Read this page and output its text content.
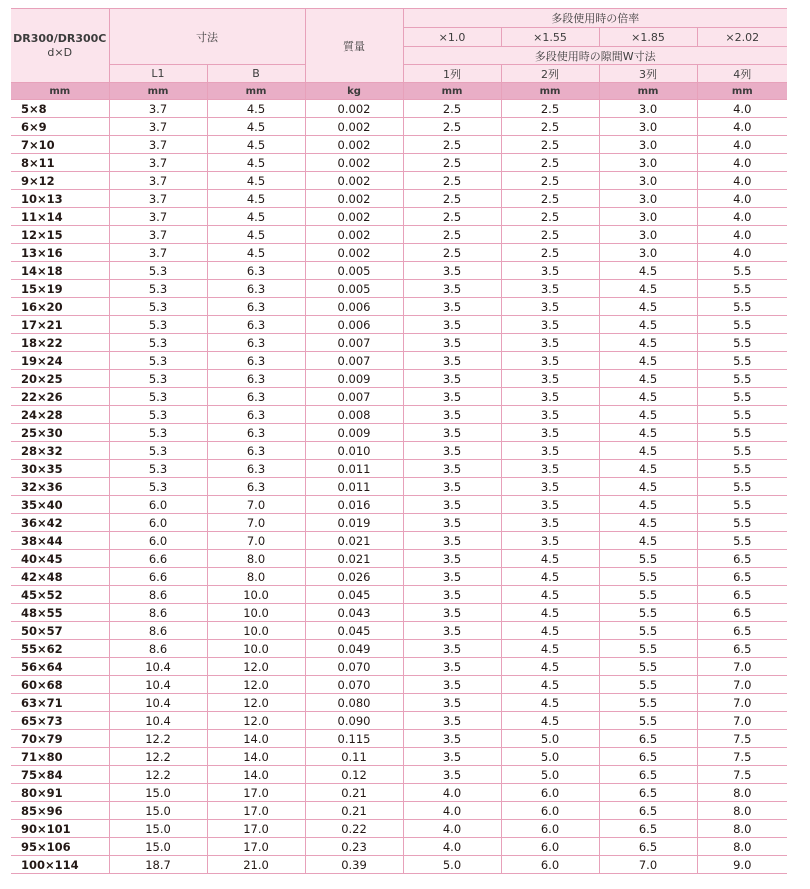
DR300/DR300C
d×D	寸法		質量	多段使用時の倍率			
				×1.0	×1.55	×1.85	×2.02
				多段使用時の隙間W寸法			
	L1	B		1列	2列	3列	4列
mm	mm	mm	kg	mm	mm	mm	mm
5×8	3.7	4.5	0.002	2.5	2.5	3.0	4.0
6×9	3.7	4.5	0.002	2.5	2.5	3.0	4.0
7×10	3.7	4.5	0.002	2.5	2.5	3.0	4.0
8×11	3.7	4.5	0.002	2.5	2.5	3.0	4.0
9×12	3.7	4.5	0.002	2.5	2.5	3.0	4.0
10×13	3.7	4.5	0.002	2.5	2.5	3.0	4.0
11×14	3.7	4.5	0.002	2.5	2.5	3.0	4.0
12×15	3.7	4.5	0.002	2.5	2.5	3.0	4.0
13×16	3.7	4.5	0.002	2.5	2.5	3.0	4.0
14×18	5.3	6.3	0.005	3.5	3.5	4.5	5.5
15×19	5.3	6.3	0.005	3.5	3.5	4.5	5.5
16×20	5.3	6.3	0.006	3.5	3.5	4.5	5.5
17×21	5.3	6.3	0.006	3.5	3.5	4.5	5.5
18×22	5.3	6.3	0.007	3.5	3.5	4.5	5.5
19×24	5.3	6.3	0.007	3.5	3.5	4.5	5.5
20×25	5.3	6.3	0.009	3.5	3.5	4.5	5.5
22×26	5.3	6.3	0.007	3.5	3.5	4.5	5.5
24×28	5.3	6.3	0.008	3.5	3.5	4.5	5.5
25×30	5.3	6.3	0.009	3.5	3.5	4.5	5.5
28×32	5.3	6.3	0.010	3.5	3.5	4.5	5.5
30×35	5.3	6.3	0.011	3.5	3.5	4.5	5.5
32×36	5.3	6.3	0.011	3.5	3.5	4.5	5.5
35×40	6.0	7.0	0.016	3.5	3.5	4.5	5.5
36×42	6.0	7.0	0.019	3.5	3.5	4.5	5.5
38×44	6.0	7.0	0.021	3.5	3.5	4.5	5.5
40×45	6.6	8.0	0.021	3.5	4.5	5.5	6.5
42×48	6.6	8.0	0.026	3.5	4.5	5.5	6.5
45×52	8.6	10.0	0.045	3.5	4.5	5.5	6.5
48×55	8.6	10.0	0.043	3.5	4.5	5.5	6.5
50×57	8.6	10.0	0.045	3.5	4.5	5.5	6.5
55×62	8.6	10.0	0.049	3.5	4.5	5.5	6.5
56×64	10.4	12.0	0.070	3.5	4.5	5.5	7.0
60×68	10.4	12.0	0.070	3.5	4.5	5.5	7.0
63×71	10.4	12.0	0.080	3.5	4.5	5.5	7.0
65×73	10.4	12.0	0.090	3.5	4.5	5.5	7.0
70×79	12.2	14.0	0.115	3.5	5.0	6.5	7.5
71×80	12.2	14.0	0.11	3.5	5.0	6.5	7.5
75×84	12.2	14.0	0.12	3.5	5.0	6.5	7.5
80×91	15.0	17.0	0.21	4.0	6.0	6.5	8.0
85×96	15.0	17.0	0.21	4.0	6.0	6.5	8.0
90×101	15.0	17.0	0.22	4.0	6.0	6.5	8.0
95×106	15.0	17.0	0.23	4.0	6.0	6.5	8.0
100×114	18.7	21.0	0.39	5.0	6.0	7.0	9.0
